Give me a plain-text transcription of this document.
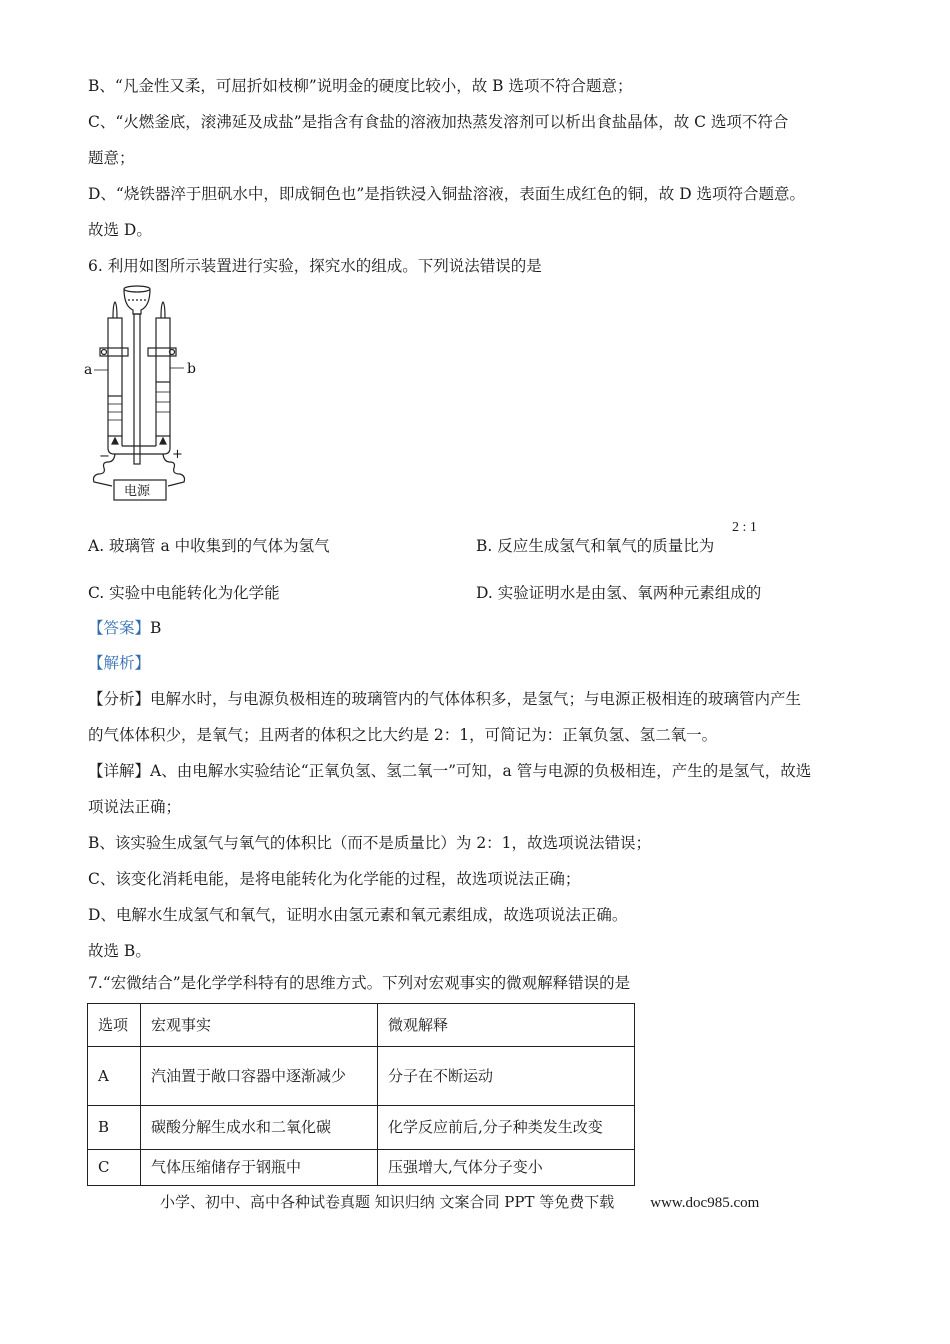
B、“凡金性又柔，可屈折如枝柳”说明金的硬度比较小，故 B 选项不符合题意；
C、“火燃釜底，滚沸延及成盐”是指含有食盐的溶液加热蒸发溶剂可以析出食盐晶体，故 C 选项不符合
题意；
D、“烧铁器淬于胆矾水中，即成铜色也”是指铁浸入铜盐溶液，表面生成红色的铜，故 D 选项符合题意。
故选 D。
6. 利用如图所示装置进行实验，探究水的组成。下列说法错误的是
a	b
−	+
电源
A. 玻璃管 a 中收集到的气体为氢气	B. 反应生成氢气和氧气的质量比为
2 : 1
C. 实验中电能转化为化学能	D. 实验证明水是由氢、氧两种元素组成的
【答案】B
【解析】
【分析】电解水时，与电源负极相连的玻璃管内的气体体积多，是氢气；与电源正极相连的玻璃管内产生
的气体体积少，是氧气；且两者的体积之比大约是 2：1，可简记为：正氧负氢、氢二氧一。
【详解】A、由电解水实验结论“正氧负氢、氢二氧一”可知，a 管与电源的负极相连，产生的是氢气，故选
项说法正确；
B、该实验生成氢气与氧气的体积比（而不是质量比）为 2：1，故选项说法错误；
C、该变化消耗电能，是将电能转化为化学能的过程，故选项说法正确；
D、电解水生成氢气和氧气，证明水由氢元素和氧元素组成，故选项说法正确。
故选 B。
7.“宏微结合”是化学学科特有的思维方式。下列对宏观事实的微观解释错误的是
选项	宏观事实	微观解释
A	汽油置于敞口容器中逐渐减少	分子在不断运动
B	碳酸分解生成水和二氧化碳	化学反应前后,分子种类发生改变
C	气体压缩储存于钢瓶中	压强增大,气体分子变小
小学、初中、高中各种试卷真题 知识归纳 文案合同 PPT 等免费下载 www.doc985.com
